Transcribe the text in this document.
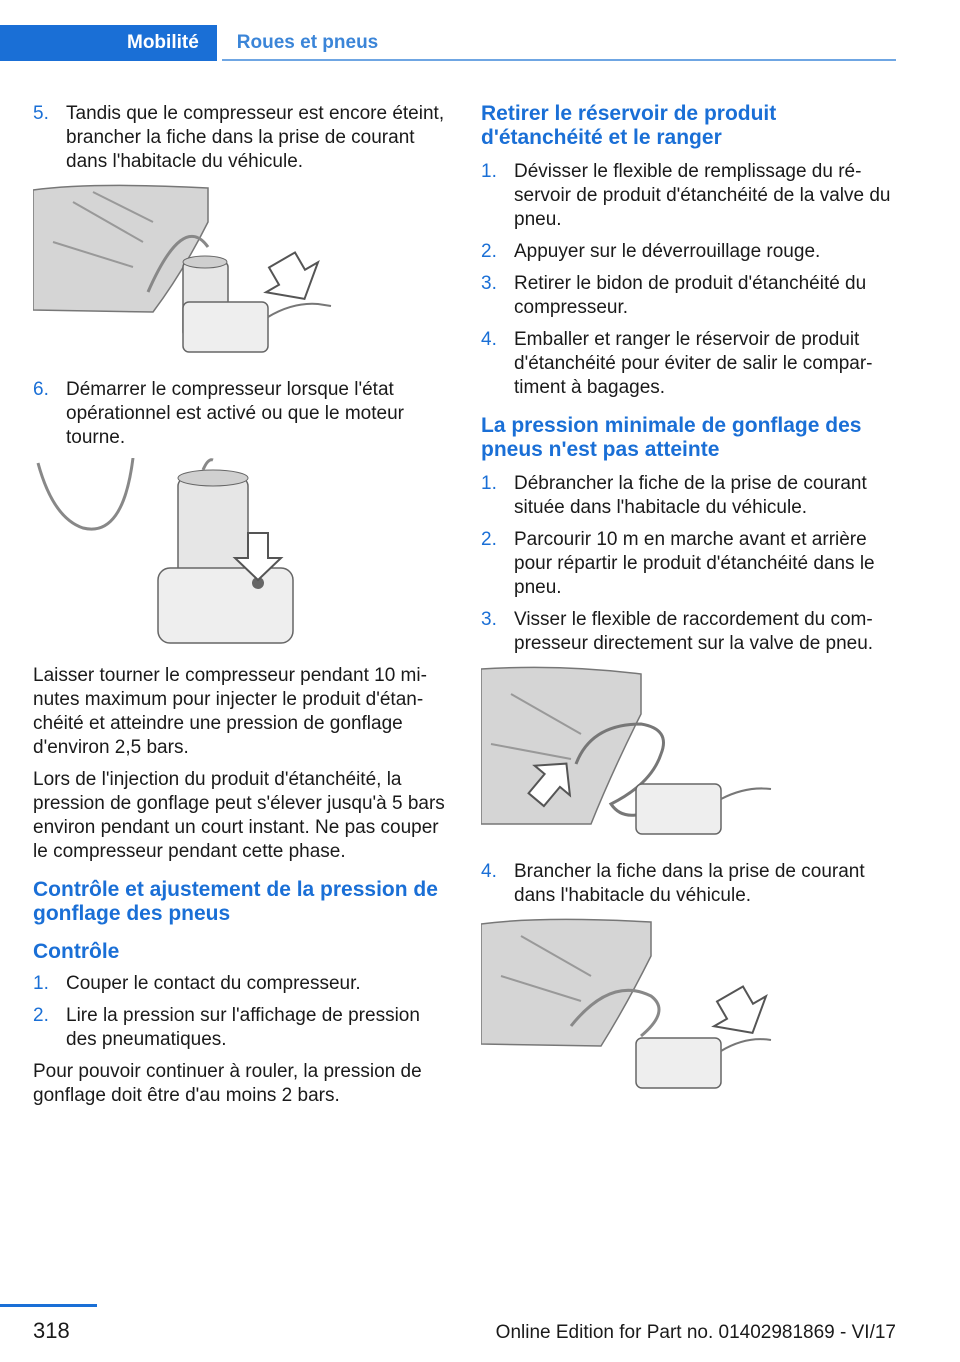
Mobilité	Roues et pneus
5. Tandis que le compresseur est encore éteint, brancher la fiche dans la prise de courant dans l'habitacle du véhicule.
6. Démarrer le compresseur lorsque l'état opérationnel est activé ou que le moteur tourne.

Laisser tourner le compresseur pendant 10 mi‐nutes maximum pour injecter le produit d'étan‐chéité et atteindre une pression de gonflage d'environ 2,5 bars.

Lors de l'injection du produit d'étanchéité, la pression de gonflage peut s'élever jusqu'à 5 bars environ pendant un court instant. Ne pas couper le compresseur pendant cette phase.

Contrôle et ajustement de la pression de gonflage des pneus
Contrôle
1. Couper le contact du compresseur.
2. Lire la pression sur l'affichage de pression des pneumatiques.

Pour pouvoir continuer à rouler, la pression de gonflage doit être d'au moins 2 bars.

Retirer le réservoir de produit d'étanchéité et le ranger
1. Dévisser le flexible de remplissage du ré‐servoir de produit d'étanchéité de la valve du pneu.
2. Appuyer sur le déverrouillage rouge.
3. Retirer le bidon de produit d'étanchéité du compresseur.
4. Emballer et ranger le réservoir de produit d'étanchéité pour éviter de salir le compar‐timent à bagages.
La pression minimale de gonflage des pneus n'est pas atteinte
1. Débrancher la fiche de la prise de courant située dans l'habitacle du véhicule.
2. Parcourir 10 m en marche avant et arrière pour répartir le produit d'étanchéité dans le pneu.
3. Visser le flexible de raccordement du com‐presseur directement sur la valve de pneu.
4. Brancher la fiche dans la prise de courant dans l'habitacle du véhicule.
318	Online Edition for Part no. 01402981869 - VI/17
